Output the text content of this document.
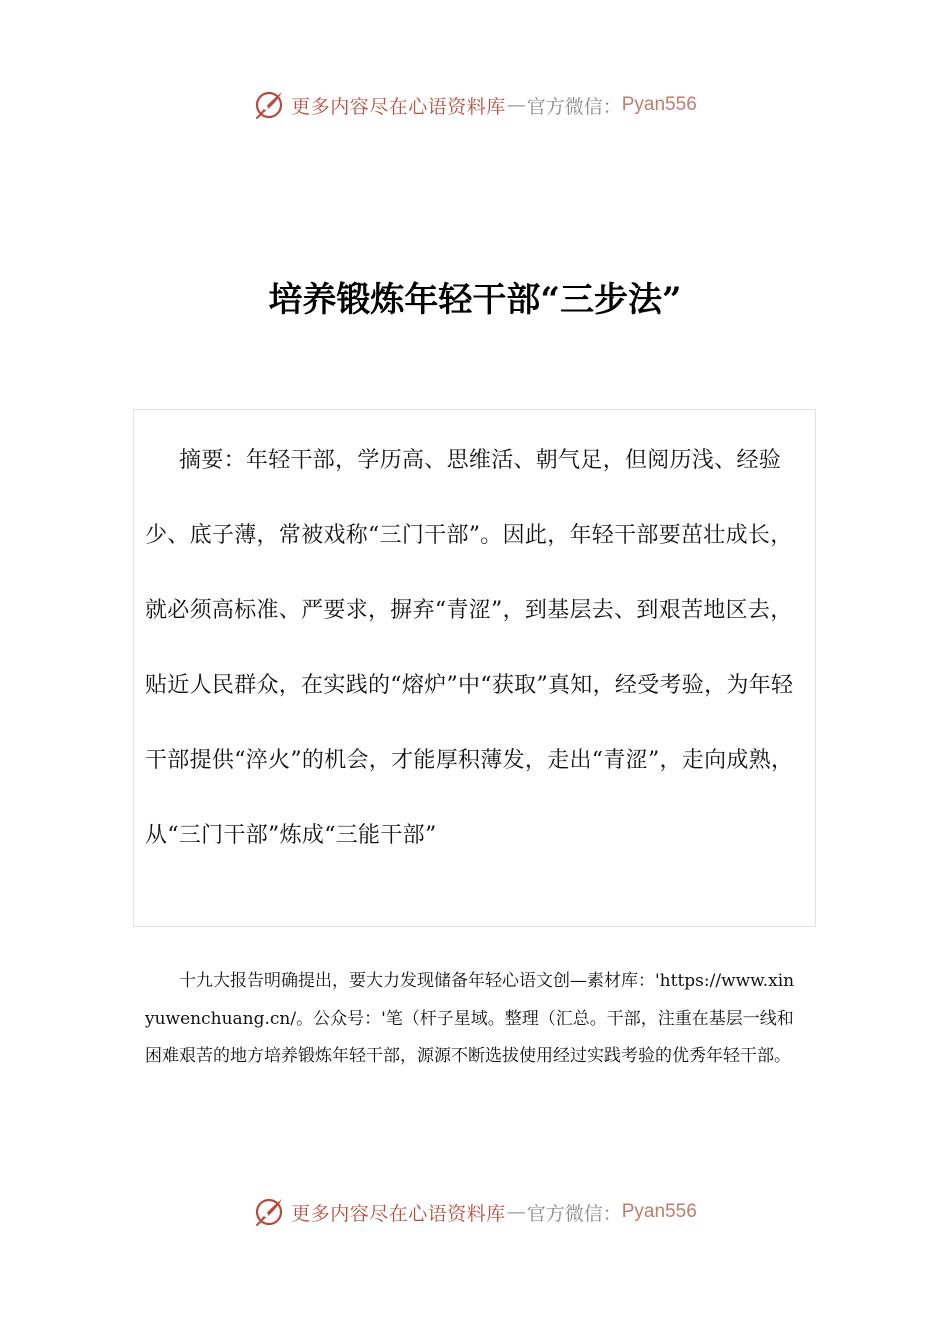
更多内容尽在心语资料库 — 官方微信： Pyan556
培养锻炼年轻干部“三步法”

摘要：年轻干部，学历高、思维活、朝气足，但阅历浅、经验少、底子薄，常被戏称“三门干部”。因此，年轻干部要茁壮成长，就必须高标准、严要求，摒弃“青涩”，到基层去、到艰苦地区去，贴近人民群众，在实践的“熔炉”中“获取”真知，经受考验，为年轻干部提供“淬火”的机会，才能厚积薄发，走出“青涩”，走向成熟，从“三门干部”炼成“三能干部”

十九大报告明确提出，要大力发现储备年轻心语文创—素材库：'https://www.xinyuwenchuang.cn/。公众号：'笔（杆子星域。整理（汇总。干部，注重在基层一线和困难艰苦的地方培养锻炼年轻干部，源源不断选拔使用经过实践考验的优秀年轻干部。

更多内容尽在心语资料库 — 官方微信： Pyan556
